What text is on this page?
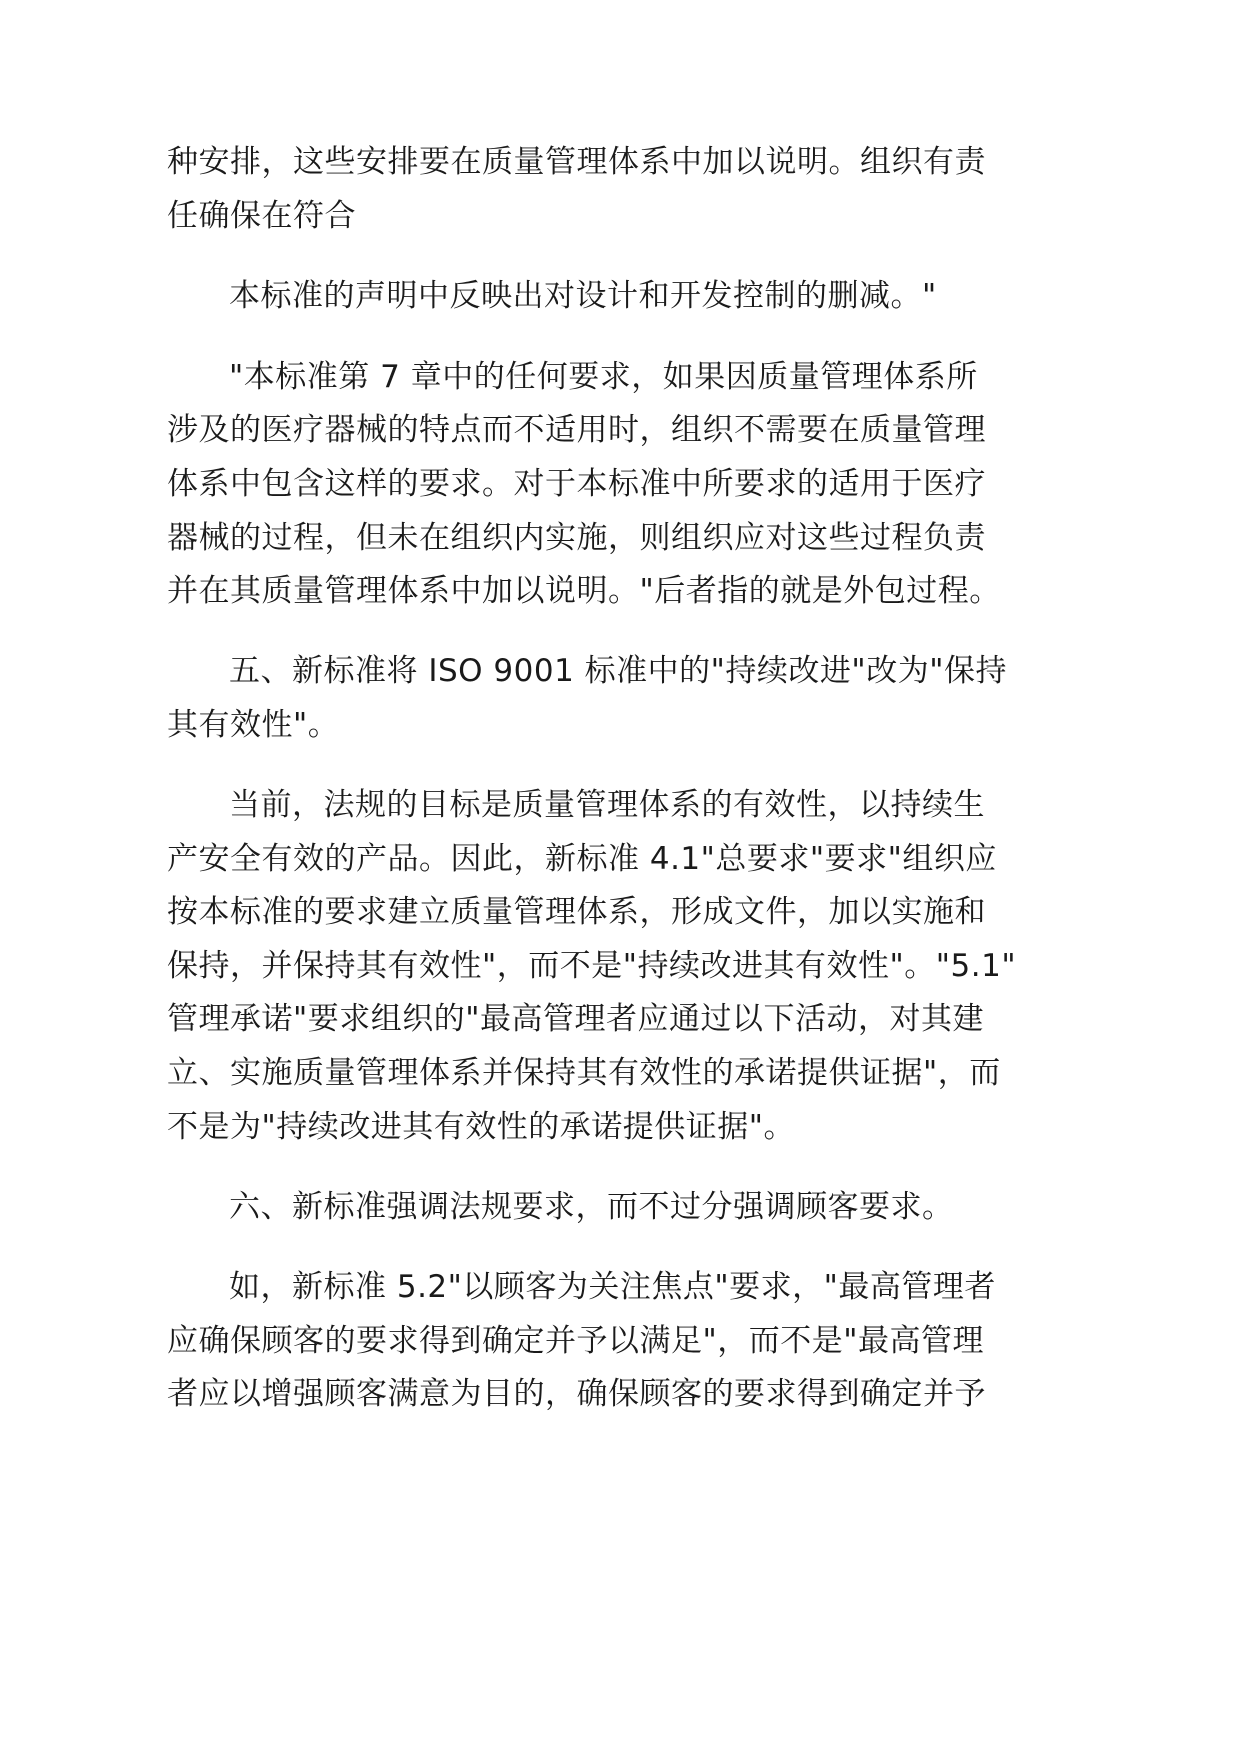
种安排，这些安排要在质量管理体系中加以说明。组织有责
任确保在符合
本标准的声明中反映出对设计和开发控制的删减。"
"本标准第 7 章中的任何要求，如果因质量管理体系所
涉及的医疗器械的特点而不适用时，组织不需要在质量管理
体系中包含这样的要求。对于本标准中所要求的适用于医疗
器械的过程，但未在组织内实施，则组织应对这些过程负责
并在其质量管理体系中加以说明。"后者指的就是外包过程。
五、新标准将 ISO 9001 标准中的"持续改进"改为"保持
其有效性"。
当前，法规的目标是质量管理体系的有效性，以持续生
产安全有效的产品。因此，新标准 4.1"总要求"要求"组织应
按本标准的要求建立质量管理体系，形成文件，加以实施和
保持，并保持其有效性"，而不是"持续改进其有效性"。"5.1"
管理承诺"要求组织的"最高管理者应通过以下活动，对其建
立、实施质量管理体系并保持其有效性的承诺提供证据"，而
不是为"持续改进其有效性的承诺提供证据"。
六、新标准强调法规要求，而不过分强调顾客要求。
如，新标准 5.2"以顾客为关注焦点"要求，"最高管理者
应确保顾客的要求得到确定并予以满足"，而不是"最高管理
者应以增强顾客满意为目的，确保顾客的要求得到确定并予
